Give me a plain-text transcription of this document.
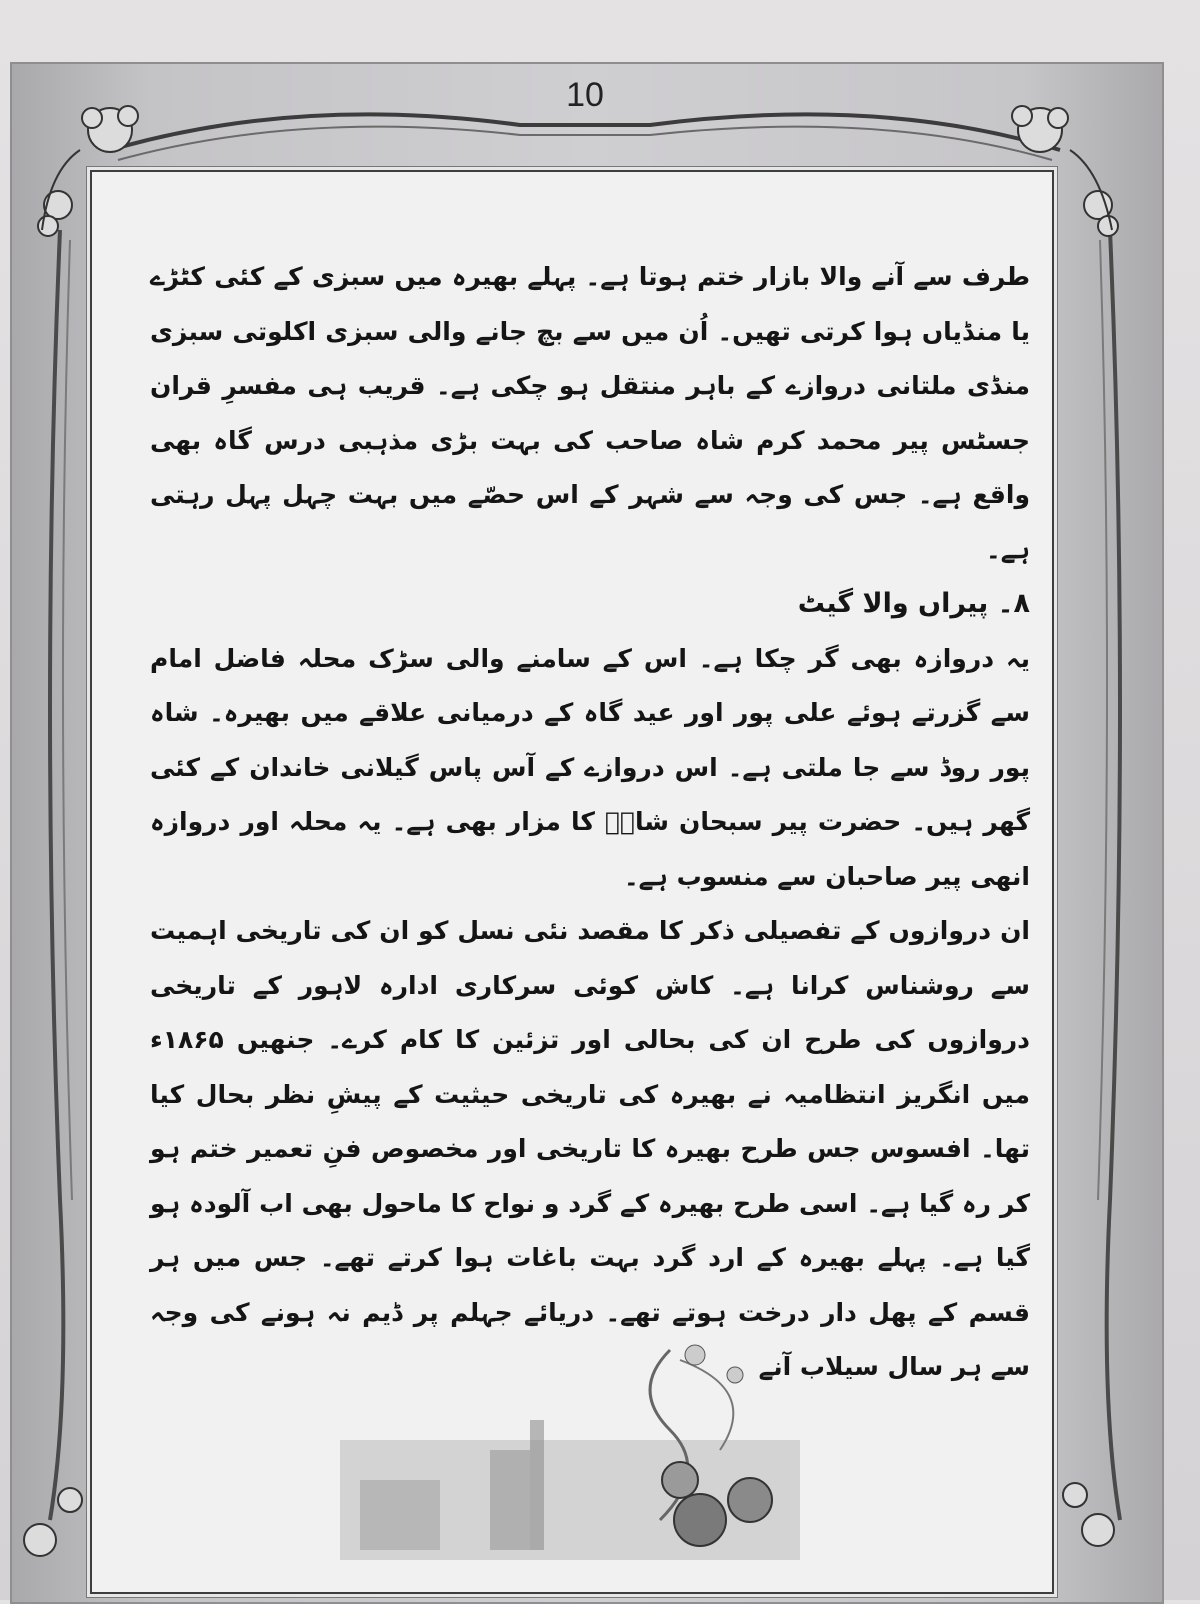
10

طرف سے آنے والا بازار ختم ہوتا ہے۔ پہلے بھیرہ میں سبزی کے کئی کٹڑے یا منڈیاں ہوا کرتی تھیں۔ اُن میں سے بچ جانے والی سبزی اکلوتی سبزی منڈی ملتانی دروازے کے باہر منتقل ہو چکی ہے۔ قریب ہی مفسرِ قران جسٹس پیر محمد کرم شاہ صاحب کی بہت بڑی مذہبی درس گاہ بھی واقع ہے۔ جس کی وجہ سے شہر کے اس حصّے میں بہت چہل پہل رہتی ہے۔

۸۔ پیراں والا گیٹ

یہ دروازہ بھی گر چکا ہے۔ اس کے سامنے والی سڑک محلہ فاضل امام سے گزرتے ہوئے علی پور اور عید گاہ کے درمیانی علاقے میں بھیرہ۔ شاہ پور روڈ سے جا ملتی ہے۔ اس دروازے کے آس پاس گیلانی خاندان کے کئی گھر ہیں۔ حضرت پیر سبحان شاہؒ کا مزار بھی ہے۔ یہ محلہ اور دروازہ انھی پیر صاحبان سے منسوب ہے۔

ان دروازوں کے تفصیلی ذکر کا مقصد نئی نسل کو ان کی تاریخی اہمیت سے روشناس کرانا ہے۔ کاش کوئی سرکاری ادارہ لاہور کے تاریخی دروازوں کی طرح ان کی بحالی اور تزئین کا کام کرے۔ جنھیں ۱۸۶۵ء میں انگریز انتظامیہ نے بھیرہ کی تاریخی حیثیت کے پیشِ نظر بحال کیا تھا۔ افسوس جس طرح بھیرہ کا تاریخی اور مخصوص فنِ تعمیر ختم ہو کر رہ گیا ہے۔ اسی طرح بھیرہ کے گرد و نواح کا ماحول بھی اب آلودہ ہو گیا ہے۔ پہلے بھیرہ کے ارد گرد بہت باغات ہوا کرتے تھے۔ جس میں ہر قسم کے پھل دار درخت ہوتے تھے۔ دریائے جہلم پر ڈیم نہ ہونے کی وجہ سے ہر سال سیلاب آنے
